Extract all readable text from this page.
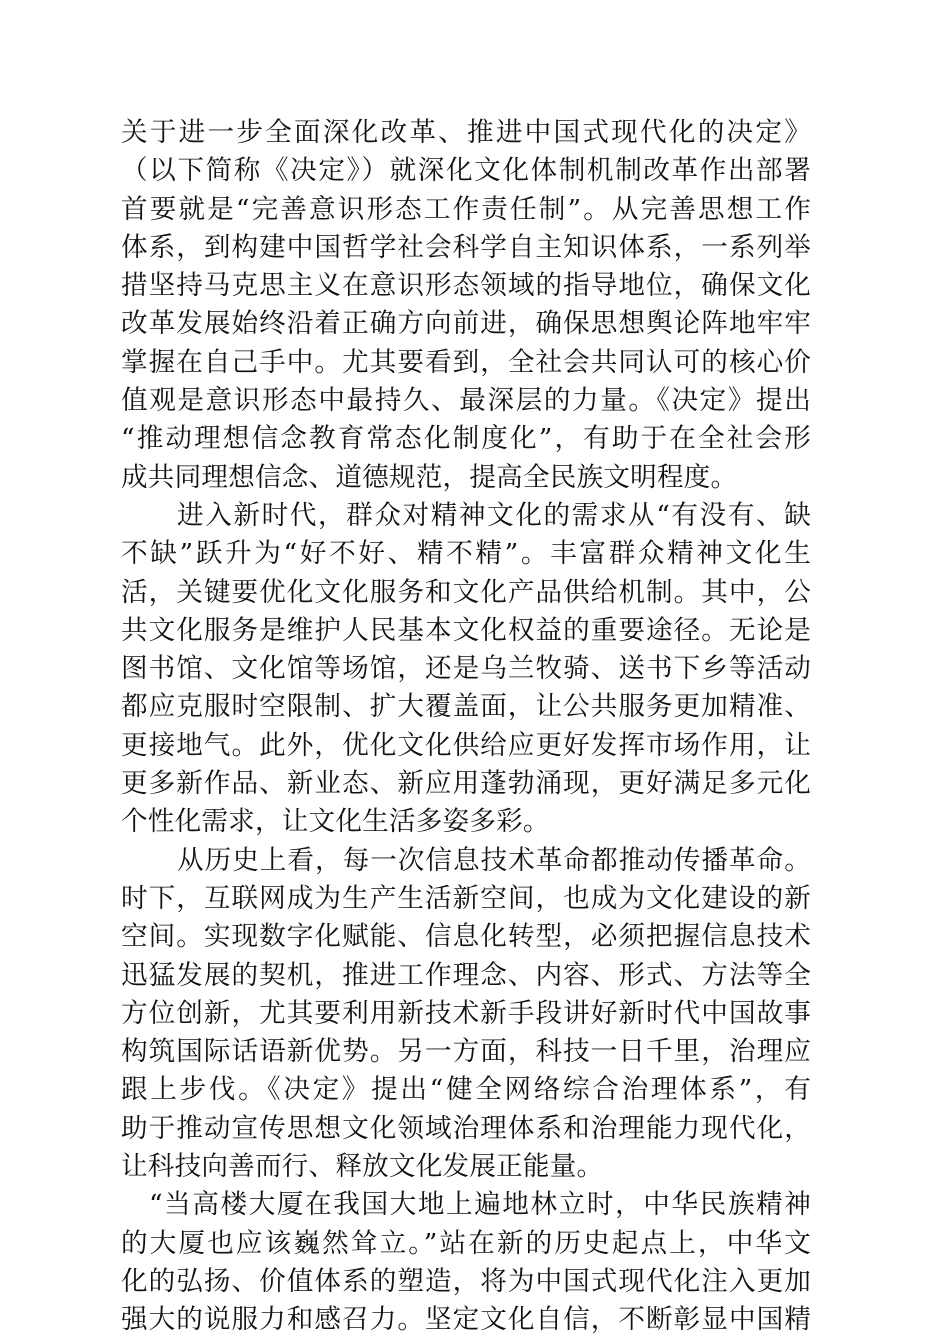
关于进一步全面深化改革、推进中国式现代化的决定》
（以下简称《决定》）就深化文化体制机制改革作出部署
首要就是“完善意识形态工作责任制”。从完善思想工作
体系，到构建中国哲学社会科学自主知识体系，一系列举
措坚持马克思主义在意识形态领域的指导地位，确保文化
改革发展始终沿着正确方向前进，确保思想舆论阵地牢牢
掌握在自己手中。尤其要看到，全社会共同认可的核心价
值观是意识形态中最持久、最深层的力量。《决定》提出
“推动理想信念教育常态化制度化”，有助于在全社会形
成共同理想信念、道德规范，提高全民族文明程度。
进入新时代，群众对精神文化的需求从“有没有、缺
不缺”跃升为“好不好、精不精”。丰富群众精神文化生
活，关键要优化文化服务和文化产品供给机制。其中，公
共文化服务是维护人民基本文化权益的重要途径。无论是
图书馆、文化馆等场馆，还是乌兰牧骑、送书下乡等活动
都应克服时空限制、扩大覆盖面，让公共服务更加精准、
更接地气。此外，优化文化供给应更好发挥市场作用，让
更多新作品、新业态、新应用蓬勃涌现，更好满足多元化
个性化需求，让文化生活多姿多彩。
从历史上看，每一次信息技术革命都推动传播革命。
时下，互联网成为生产生活新空间，也成为文化建设的新
空间。实现数字化赋能、信息化转型，必须把握信息技术
迅猛发展的契机，推进工作理念、内容、形式、方法等全
方位创新，尤其要利用新技术新手段讲好新时代中国故事
构筑国际话语新优势。另一方面，科技一日千里，治理应
跟上步伐。《决定》提出“健全网络综合治理体系”，有
助于推动宣传思想文化领域治理体系和治理能力现代化，
让科技向善而行、释放文化发展正能量。
“当高楼大厦在我国大地上遍地林立时，中华民族精神
的大厦也应该巍然耸立。”站在新的历史起点上，中华文
化的弘扬、价值体系的塑造，将为中国式现代化注入更加
强大的说服力和感召力。坚定文化自信，不断彰显中国精
